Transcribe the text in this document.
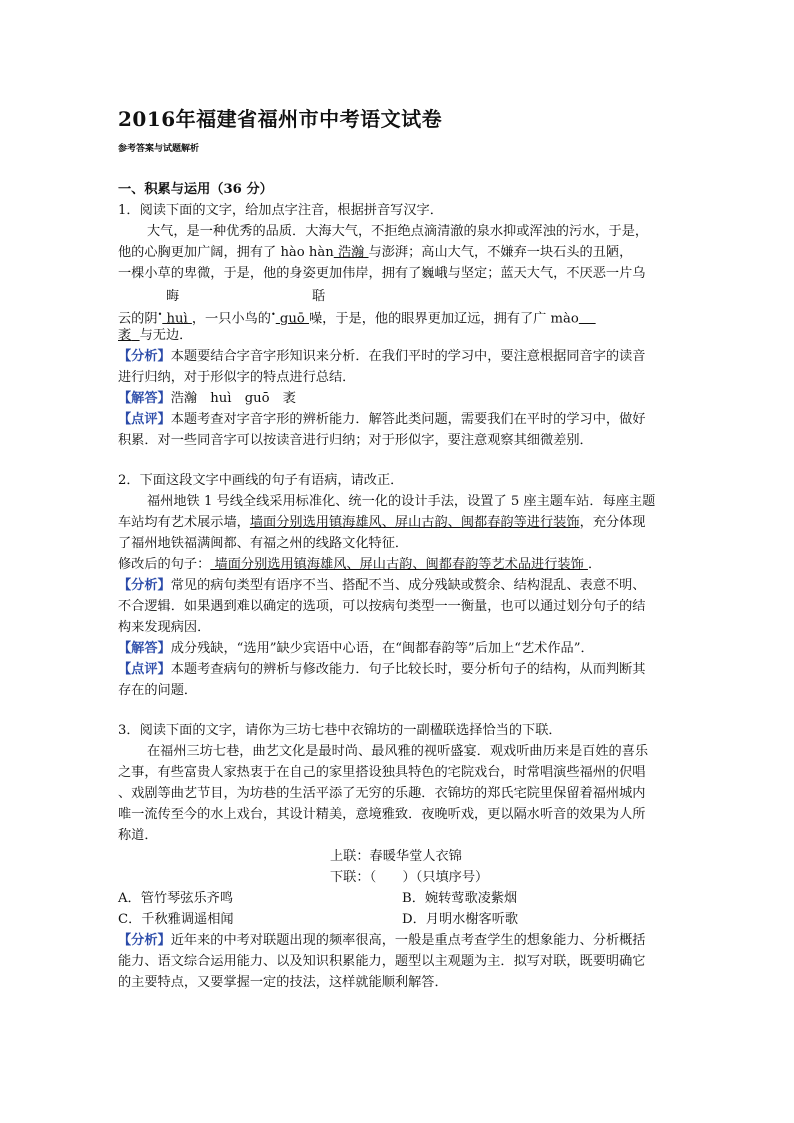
2016年福建省福州市中考语文试卷
参考答案与试题解析
一、积累与运用（36 分）
1．阅读下面的文字，给加点字注音，根据拼音写汉字．
大气，是一种优秀的品质．大海大气，不拒绝点滴清澈的泉水抑或浑浊的污水，于是，
他的心胸更加广阔，拥有了 hào hàn 浩瀚 与澎湃；高山大气，不嫌弃一块石头的丑陋，
一棵小草的卑微，于是，他的身姿更加伟岸，拥有了巍峨与坚定；蓝天大气，不厌恶一片乌
晦	聒
云的阴• huì ，一只小鸟的• guō 噪，于是，他的眼界更加辽远，拥有了广 mào  
袤  与无边．
【分析】本题要结合字音字形知识来分析．在我们平时的学习中，要注意根据同音字的读音
进行归纳，对于形似字的特点进行总结．
【解答】浩瀚　huì　guō　袤
【点评】本题考查对字音字形的辨析能力．解答此类问题，需要我们在平时的学习中，做好
积累．对一些同音字可以按读音进行归纳；对于形似字，要注意观察其细微差别．
2．下面这段文字中画线的句子有语病，请改正．
福州地铁 1 号线全线采用标准化、统一化的设计手法，设置了 5 座主题车站．每座主题
车站均有艺术展示墙，墙面分别选用镇海雄风、屏山古韵、闽都春韵等进行装饰，充分体现
了福州地铁福满闽都、有福之州的线路文化特征．
修改后的句子： 墙面分别选用镇海雄风、屏山古韵、闽都春韵等艺术品进行装饰 ．
【分析】常见的病句类型有语序不当、搭配不当、成分残缺或赘余、结构混乱、表意不明、
不合逻辑．如果遇到难以确定的选项，可以按病句类型一一衡量，也可以通过划分句子的结
构来发现病因．
【解答】成分残缺，“选用”缺少宾语中心语，在“闽都春韵等”后加上“艺术作品”．
【点评】本题考查病句的辨析与修改能力．句子比较长时，要分析句子的结构，从而判断其
存在的问题．
3．阅读下面的文字，请你为三坊七巷中衣锦坊的一副楹联选择恰当的下联．
在福州三坊七巷，曲艺文化是最时尚、最风雅的视听盛宴．观戏听曲历来是百姓的喜乐
之事，有些富贵人家热衷于在自己的家里搭设独具特色的宅院戏台，时常唱演些福州的伬唱
、戏剧等曲艺节目，为坊巷的生活平添了无穷的乐趣．衣锦坊的郑氏宅院里保留着福州城内
唯一流传至今的水上戏台，其设计精美，意境雅致．夜晚听戏，更以隔水听音的效果为人所
称道．
上联：春暖华堂人衣锦
下联：（　　）（只填序号）
A．管竹琴弦乐齐鸣	B．婉转莺歌凌紫烟
C．千秋雅调遥相闻	D．月明水榭客听歌
【分析】近年来的中考对联题出现的频率很高，一般是重点考查学生的想象能力、分析概括
能力、语文综合运用能力、以及知识积累能力，题型以主观题为主．拟写对联，既要明确它
的主要特点，又要掌握一定的技法，这样就能顺利解答．
